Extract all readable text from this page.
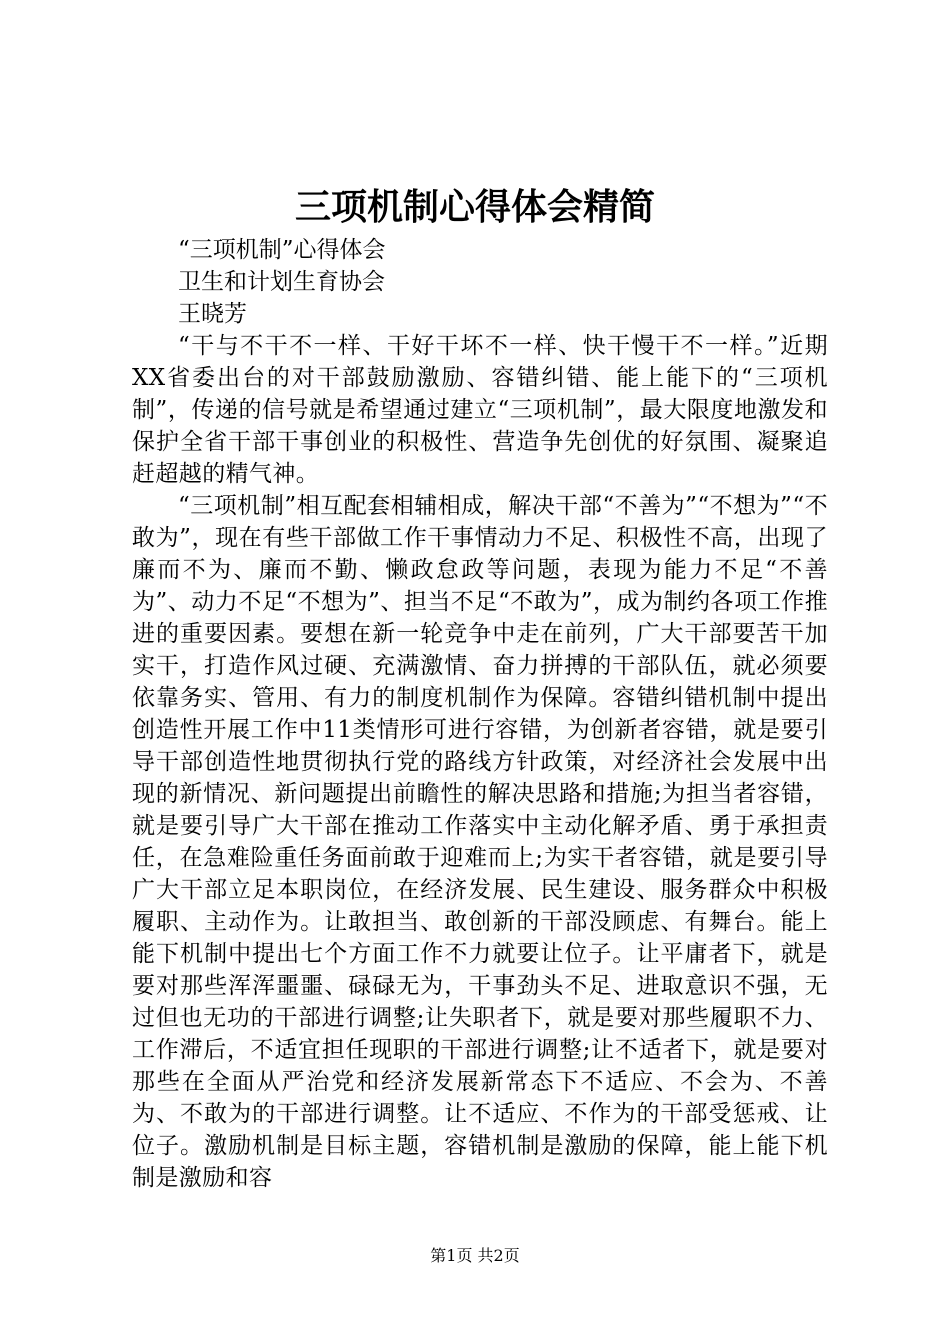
三项机制心得体会精简

“三项机制”心得体会

卫生和计划生育协会

王晓芳

“干与不干不一样、干好干坏不一样、快干慢干不一样。”近期XX省委出台的对干部鼓励激励、容错纠错、能上能下的“三项机制”，传递的信号就是希望通过建立“三项机制”，最大限度地激发和保护全省干部干事创业的积极性、营造争先创优的好氛围、凝聚追赶超越的精气神。

“三项机制”相互配套相辅相成，解决干部“不善为”“不想为”“不敢为”，现在有些干部做工作干事情动力不足、积极性不高，出现了廉而不为、廉而不勤、懒政怠政等问题，表现为能力不足“不善为”、动力不足“不想为”、担当不足“不敢为”，成为制约各项工作推进的重要因素。要想在新一轮竞争中走在前列，广大干部要苦干加实干，打造作风过硬、充满激情、奋力拼搏的干部队伍，就必须要依靠务实、管用、有力的制度机制作为保障。容错纠错机制中提出创造性开展工作中11类情形可进行容错，为创新者容错，就是要引导干部创造性地贯彻执行党的路线方针政策，对经济社会发展中出现的新情况、新问题提出前瞻性的解决思路和措施;为担当者容错，就是要引导广大干部在推动工作落实中主动化解矛盾、勇于承担责任，在急难险重任务面前敢于迎难而上;为实干者容错，就是要引导广大干部立足本职岗位，在经济发展、民生建设、服务群众中积极履职、主动作为。让敢担当、敢创新的干部没顾虑、有舞台。能上能下机制中提出七个方面工作不力就要让位子。让平庸者下，就是要对那些浑浑噩噩、碌碌无为，干事劲头不足、进取意识不强，无过但也无功的干部进行调整;让失职者下，就是要对那些履职不力、工作滞后，不适宜担任现职的干部进行调整;让不适者下，就是要对那些在全面从严治党和经济发展新常态下不适应、不会为、不善为、不敢为的干部进行调整。让不适应、不作为的干部受惩戒、让位子。激励机制是目标主题，容错机制是激励的保障，能上能下机制是激励和容

第1页 共2页
